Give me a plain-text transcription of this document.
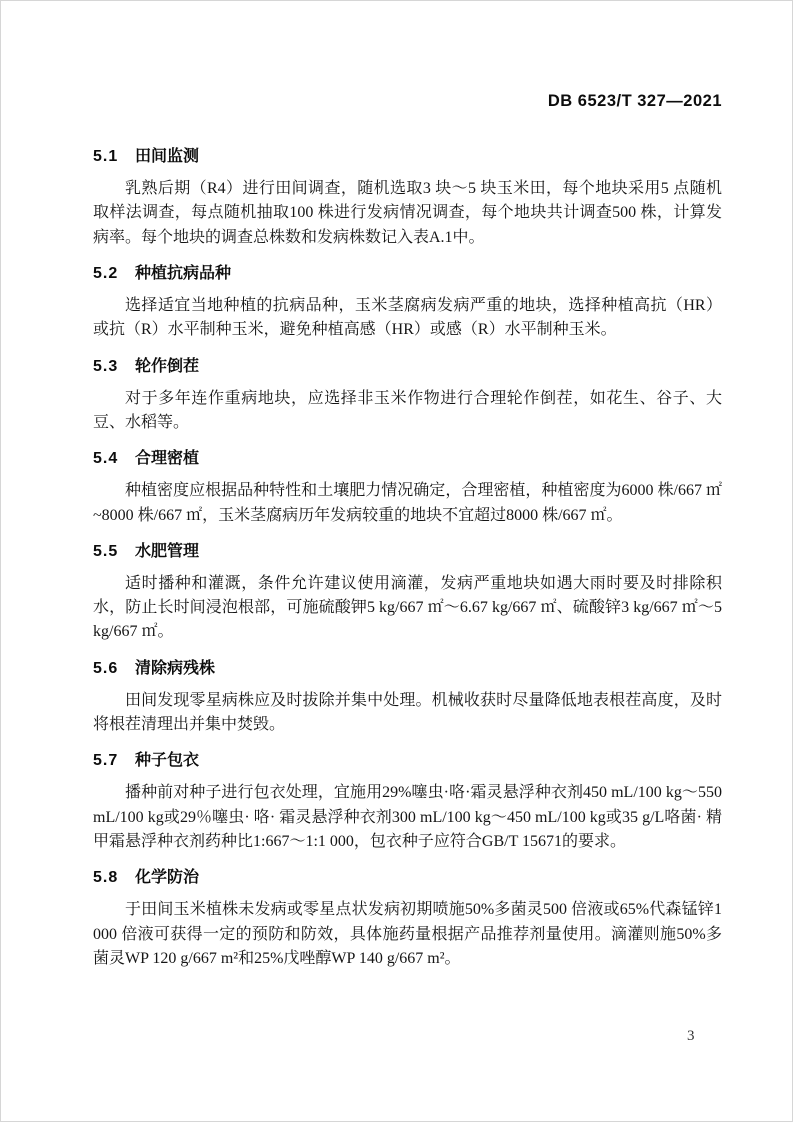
DB 6523/T 327—2021
5.1 田间监测

乳熟后期（R4）进行田间调查，随机选取3 块～5 块玉米田，每个地块采用5 点随机取样法调查，每点随机抽取100 株进行发病情况调查，每个地块共计调查500 株，计算发病率。每个地块的调查总株数和发病株数记入表A.1中。

5.2 种植抗病品种

选择适宜当地种植的抗病品种，玉米茎腐病发病严重的地块，选择种植高抗（HR）或抗（R）水平制种玉米，避免种植高感（HR）或感（R）水平制种玉米。

5.3 轮作倒茬

对于多年连作重病地块，应选择非玉米作物进行合理轮作倒茬，如花生、谷子、大豆、水稻等。

5.4 合理密植

种植密度应根据品种特性和土壤肥力情况确定，合理密植，种植密度为6000 株/667 ㎡~8000 株/667 ㎡，玉米茎腐病历年发病较重的地块不宜超过8000 株/667 ㎡。

5.5 水肥管理

适时播种和灌溉，条件允许建议使用滴灌，发病严重地块如遇大雨时要及时排除积水，防止长时间浸泡根部，可施硫酸钾5 kg/667 ㎡～6.67 kg/667 ㎡、硫酸锌3 kg/667 ㎡～5 kg/667 ㎡。

5.6 清除病残株

田间发现零星病株应及时拔除并集中处理。机械收获时尽量降低地表根茬高度，及时将根茬清理出并集中焚毁。

5.7 种子包衣

播种前对种子进行包衣处理，宜施用29%噻虫·咯·霜灵悬浮种衣剂450 mL/100 kg～550 mL/100 kg或29％噻虫· 咯· 霜灵悬浮种衣剂300 mL/100 kg～450 mL/100 kg或35 g/L咯菌· 精甲霜悬浮种衣剂药种比1:667～1:1 000，包衣种子应符合GB/T 15671的要求。

5.8 化学防治

于田间玉米植株未发病或零星点状发病初期喷施50%多菌灵500 倍液或65%代森锰锌1 000 倍液可获得一定的预防和防效，具体施药量根据产品推荐剂量使用。滴灌则施50%多菌灵WP 120 g/667 m²和25%戊唑醇WP 140 g/667 m²。

3
